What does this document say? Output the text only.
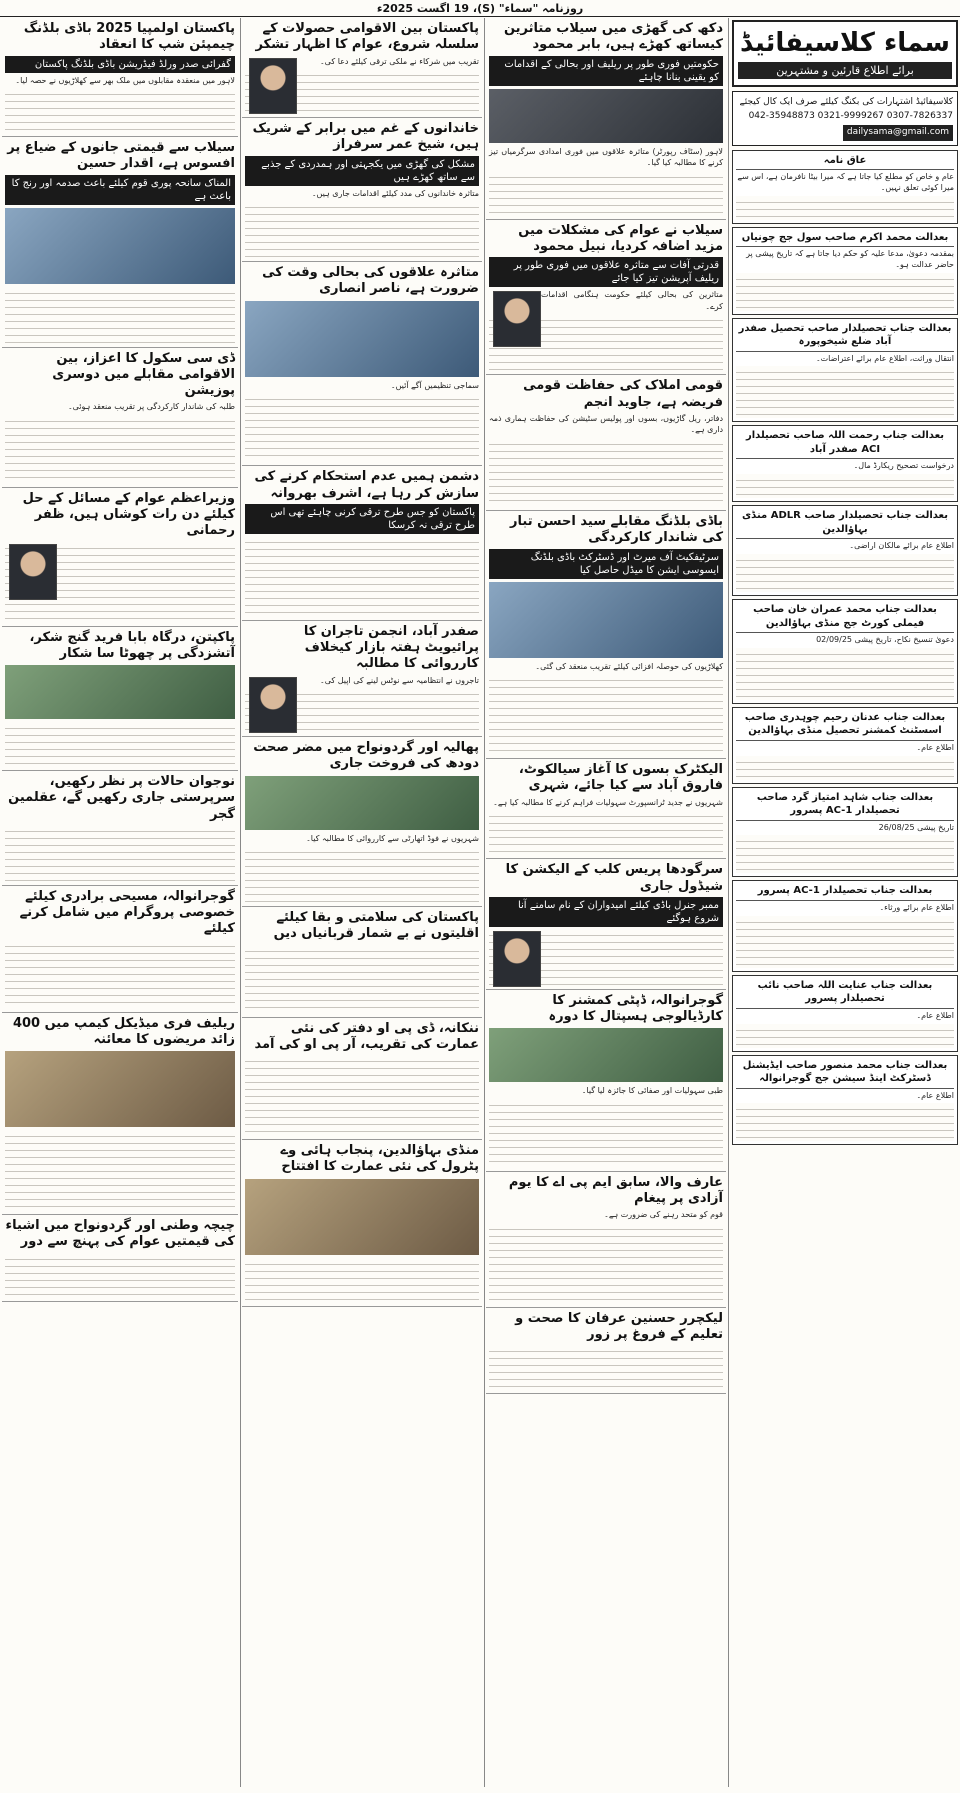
روزنامہ "سماء" (S)، 19 اگست 2025ء
سماء کلاسیفائیڈ
برائے اطلاع قارئین و مشتہرین
کلاسیفائیڈ اشتہارات کی بکنگ کیلئے صرف ایک کال کیجئے
042-35948873 0321-9999267 0307-7826337
dailysama@gmail.com
عاق نامہ
عام و خاص کو مطلع کیا جاتا ہے کہ میرا بیٹا نافرمان ہے، اس سے میرا کوئی تعلق نہیں۔
بعدالت محمد اکرم صاحب سول جج چونیاں
بمقدمہ دعویٰ، مدعا علیہ کو حکم دیا جاتا ہے کہ تاریخ پیشی پر حاضر عدالت ہو۔
بعدالت جناب تحصیلدار صاحب تحصیل صفدر آباد ضلع شیخوپورہ
انتقال وراثت، اطلاع عام برائے اعتراضات۔
بعدالت جناب رحمت اللہ صاحب تحصیلدار ACI صفدر آباد
درخواست تصحیح ریکارڈ مال۔
بعدالت جناب تحصیلدار صاحب ADLR منڈی بہاؤالدین
اطلاع عام برائے مالکان اراضی۔
بعدالت جناب محمد عمران خان صاحب فیملی کورٹ جج منڈی بہاؤالدین
دعویٰ تنسیخ نکاح، تاریخ پیشی 02/09/25
بعدالت جناب عدنان رحیم چوہدری صاحب اسسٹنٹ کمشنر تحصیل منڈی بہاؤالدین
اطلاع عام۔
بعدالت جناب شاہد امتیاز گرد صاحب تحصیلدار AC-1 پسرور
تاریخ پیشی 26/08/25
بعدالت جناب تحصیلدار AC-1 پسرور
اطلاع عام برائے ورثاء۔
بعدالت جناب عنایت اللہ صاحب نائب تحصیلدار پسرور
اطلاع عام۔
بعدالت جناب محمد منصور صاحب ایڈیشنل ڈسٹرکٹ اینڈ سیشن جج گوجرانوالہ
اطلاع عام۔
دکھ کی گھڑی میں سیلاب متاثرین کیساتھ کھڑے ہیں، بابر محمود
حکومتیں فوری طور پر ریلیف اور بحالی کے اقدامات کو یقینی بنانا چاہئے
لاہور (سٹاف رپورٹر) متاثرہ علاقوں میں فوری امدادی سرگرمیاں تیز کرنے کا مطالبہ کیا گیا۔
سیلاب نے عوام کی مشکلات میں مزید اضافہ کردیا، نبیل محمود
قدرتی آفات سے متاثرہ علاقوں میں فوری طور پر ریلیف آپریشن تیز کیا جائے
متاثرین کی بحالی کیلئے حکومت ہنگامی اقدامات کرے۔
قومی املاک کی حفاظت قومی فریضہ ہے، جاوید انجم
دفاتر، ریل گاڑیوں، بسوں اور پولیس سٹیشن کی حفاظت ہماری ذمہ داری ہے۔
باڈی بلڈنگ مقابلے سید احسن تبار کی شاندار کارکردگی
سرٹیفکیٹ آف میرٹ اور ڈسٹرکٹ باڈی بلڈنگ ایسوسی ایشن کا میڈل حاصل کیا
کھلاڑیوں کی حوصلہ افزائی کیلئے تقریب منعقد کی گئی۔
الیکٹرک بسوں کا آغاز سیالکوٹ، فاروق آباد سے کیا جائے، شہری
شہریوں نے جدید ٹرانسپورٹ سہولیات فراہم کرنے کا مطالبہ کیا ہے۔
سرگودھا پریس کلب کے الیکشن کا شیڈول جاری
ممبر جنرل باڈی کیلئے امیدواران کے نام سامنے آنا شروع ہوگئے
گوجرانوالہ، ڈپٹی کمشنر کا کارڈیالوجی ہسپتال کا دورہ
طبی سہولیات اور صفائی کا جائزہ لیا گیا۔
عارف والا، سابق ایم پی اے کا یوم آزادی پر پیغام
قوم کو متحد رہنے کی ضرورت ہے۔
لیکچرر حسنین عرفان کا صحت و تعلیم کے فروغ پر زور
پاکستان بین الاقوامی حصولات کے سلسلہ شروع، عوام کا اظہار تشکر
تقریب میں شرکاء نے ملکی ترقی کیلئے دعا کی۔
خاندانوں کے غم میں برابر کے شریک ہیں، شیخ عمر سرفراز
مشکل کی گھڑی میں یکجہتی اور ہمدردی کے جذبے سے ساتھ کھڑے ہیں
متاثرہ خاندانوں کی مدد کیلئے اقدامات جاری ہیں۔
متاثرہ علاقوں کی بحالی وقت کی ضرورت ہے، ناصر انصاری
سماجی تنظیمیں آگے آئیں۔
دشمن ہمیں عدم استحکام کرنے کی سازش کر رہا ہے، اشرف بھروانہ
پاکستان کو جس طرح ترقی کرنی چاہئے تھی اس طرح ترقی نہ کرسکا
صفدر آباد، انجمن تاجران کا پرائیویٹ ہفتہ بازار کیخلاف کارروائی کا مطالبہ
تاجروں نے انتظامیہ سے نوٹس لینے کی اپیل کی۔
پھالیہ اور گردونواح میں مضر صحت دودھ کی فروخت جاری
شہریوں نے فوڈ اتھارٹی سے کارروائی کا مطالبہ کیا۔
پاکستان کی سلامتی و بقا کیلئے اقلیتوں نے بے شمار قربانیاں دیں
ننکانہ، ڈی پی او دفتر کی نئی عمارت کی تقریب، آر پی او کی آمد
منڈی بہاؤالدین، پنجاب ہائی وے پٹرول کی نئی عمارت کا افتتاح
پاکستان اولمپیا 2025 باڈی بلڈنگ چیمپئن شپ کا انعقاد
گفرائی صدر ورلڈ فیڈریشن باڈی بلڈنگ پاکستان
لاہور میں منعقدہ مقابلوں میں ملک بھر سے کھلاڑیوں نے حصہ لیا۔
سیلاب سے قیمتی جانوں کے ضیاع پر افسوس ہے، اقدار حسین
المناک سانحہ پوری قوم کیلئے باعث صدمہ اور رنج کا باعث ہے
ڈی سی سکول کا اعزاز، بین الاقوامی مقابلے میں دوسری پوزیشن
طلبہ کی شاندار کارکردگی پر تقریب منعقد ہوئی۔
وزیراعظم عوام کے مسائل کے حل کیلئے دن رات کوشاں ہیں، ظفر رحمانی
پاکپتن، درگاہ بابا فرید گنج شکر، آتشزدگی پر چھوٹا سا شکار
نوجوان حالات پر نظر رکھیں، سرپرستی جاری رکھیں گے، عقلمین گجر
گوجرانوالہ، مسیحی برادری کیلئے خصوصی پروگرام میں شامل کرنے کیلئے
ریلیف فری میڈیکل کیمپ میں 400 زائد مریضوں کا معائنہ
چیچہ وطنی اور گردونواح میں اشیاء کی قیمتیں عوام کی پہنچ سے دور
